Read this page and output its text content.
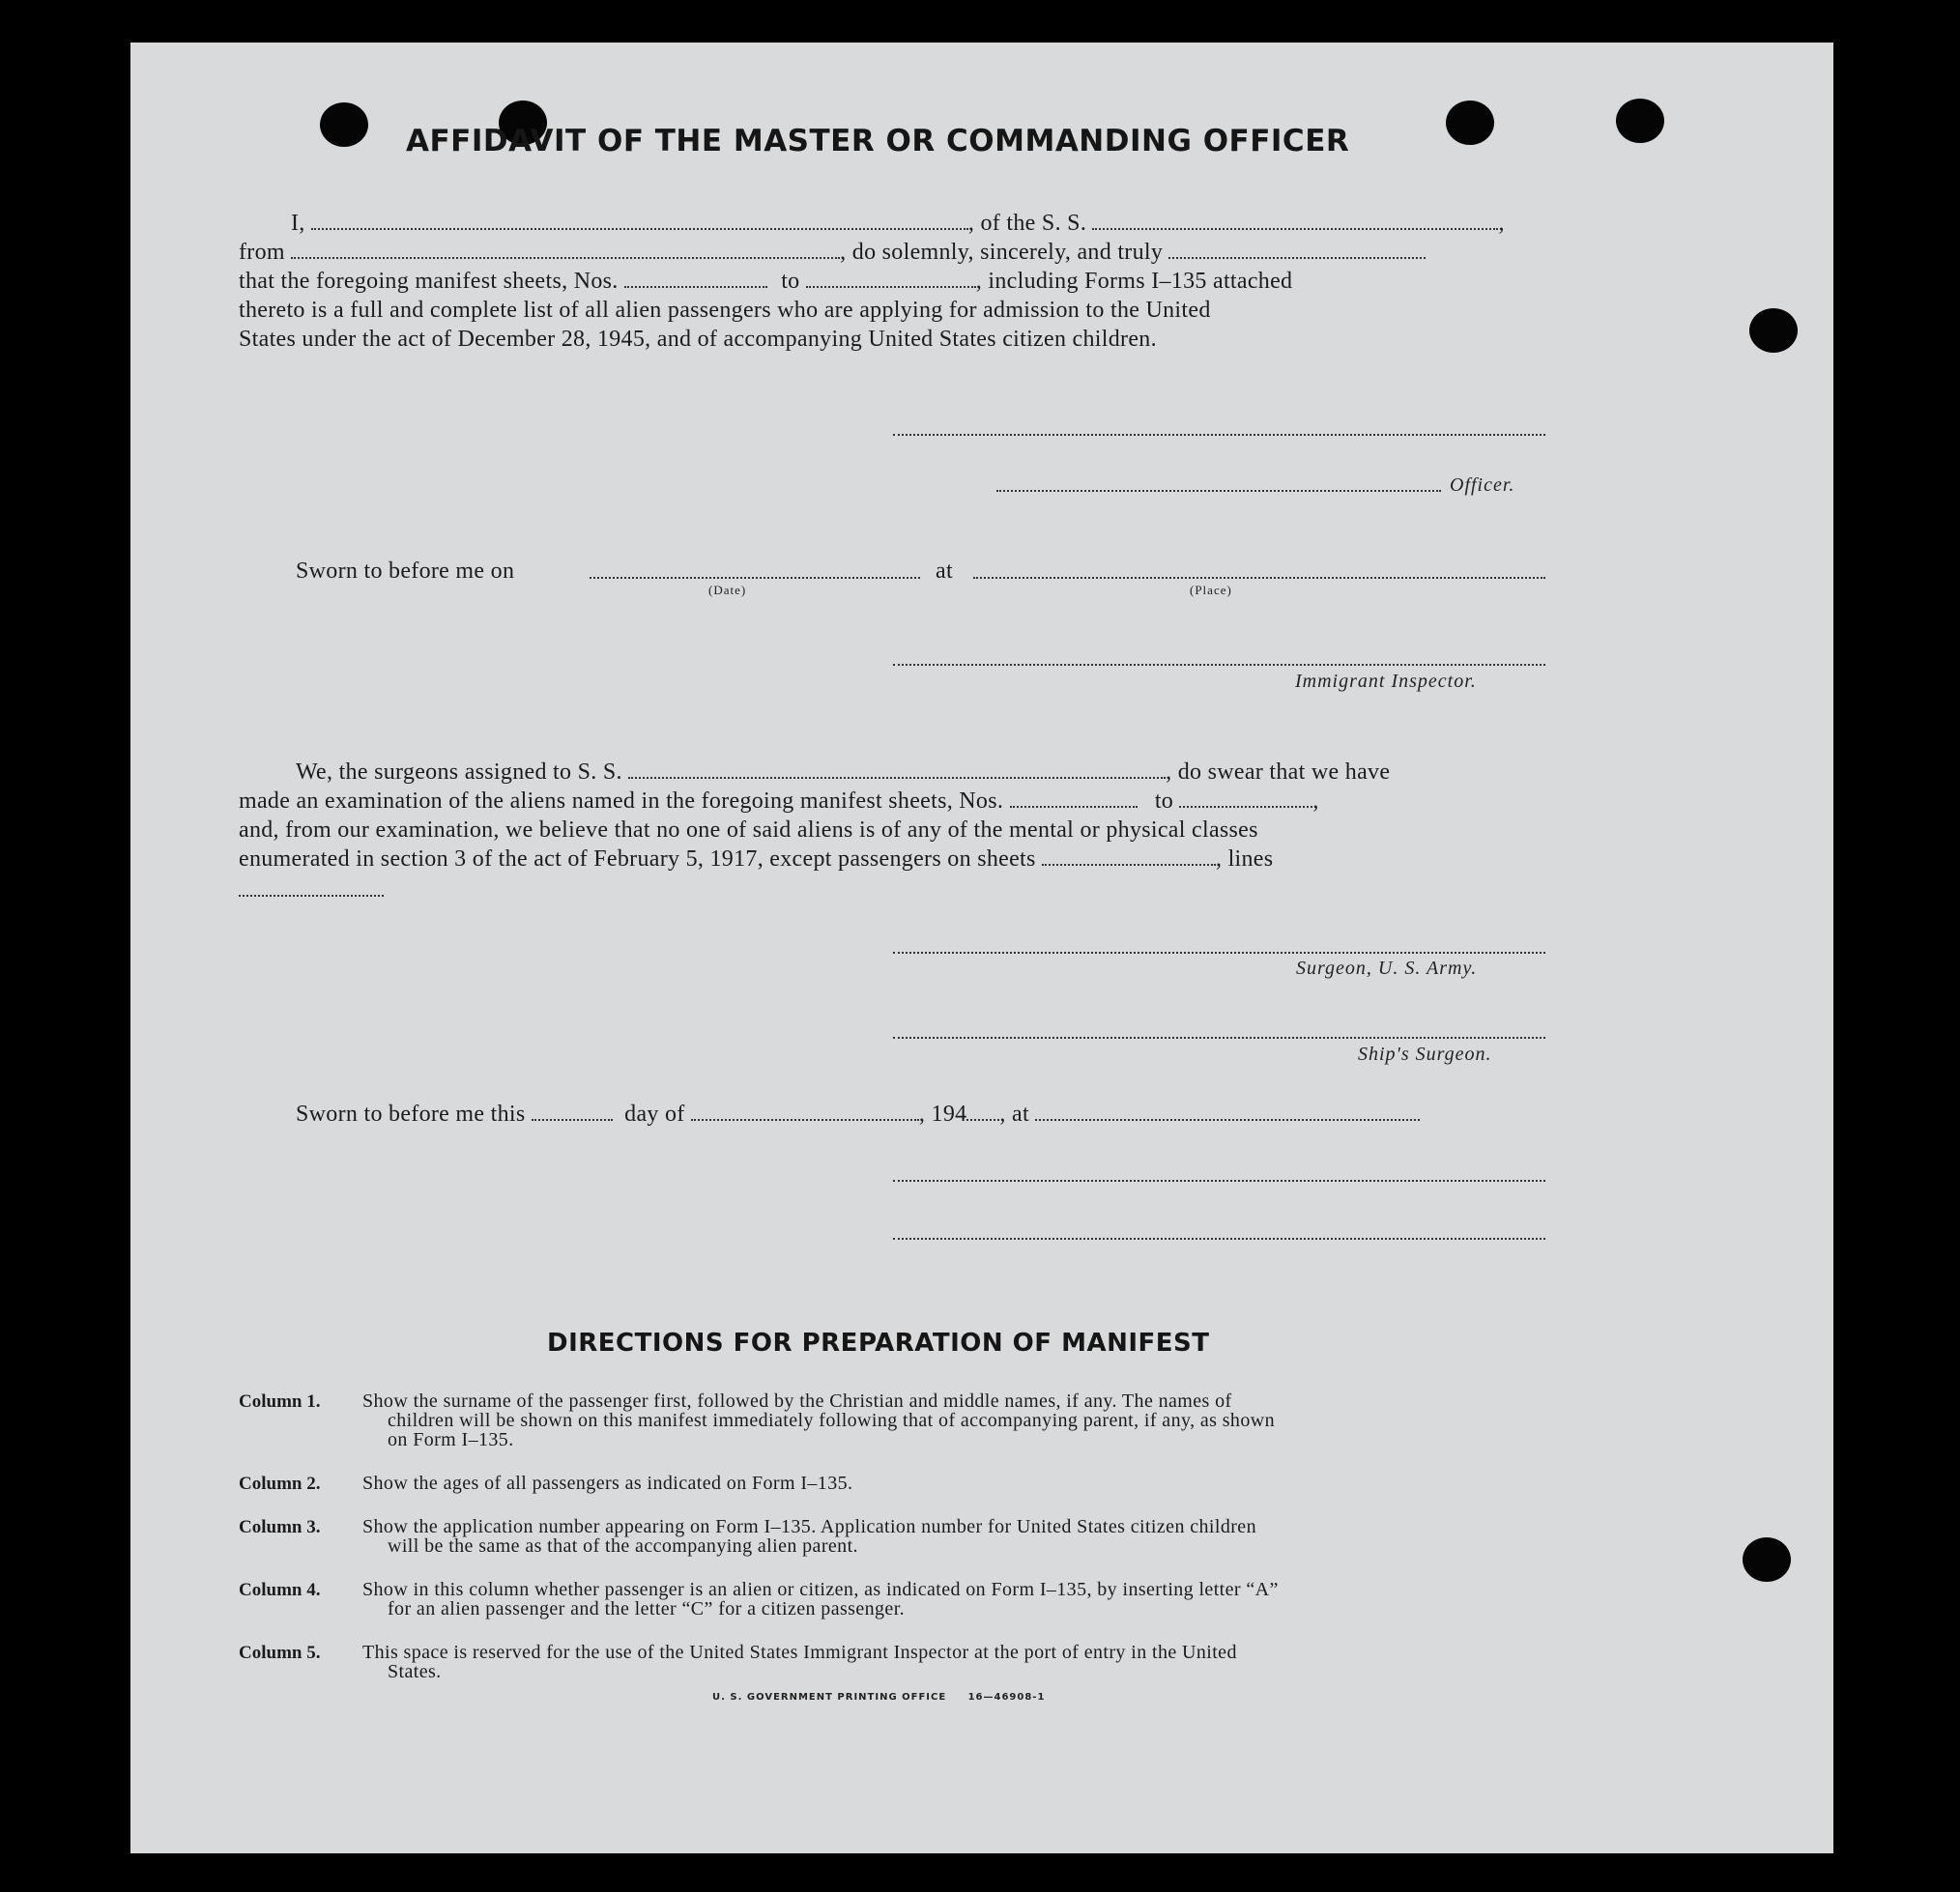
AFFIDAVIT OF THE MASTER OR COMMANDING OFFICER
I,	, of the S. S.	,
from	, do solemnly, sincerely, and truly
that the foregoing manifest sheets, Nos.	to	, including Forms I–135 attached
thereto is a full and complete list of all alien passengers who are applying for admission to the United
States under the act of December 28, 1945, and of accompanying United States citizen children.
Officer.
Sworn to before me on	at
(Date)	(Place)
Immigrant Inspector.
We, the surgeons assigned to S. S.	, do swear that we have
made an examination of the aliens named in the foregoing manifest sheets, Nos.	to	,
and, from our examination, we believe that no one of said aliens is of any of the mental or physical classes
enumerated in section 3 of the act of February 5, 1917, except passengers on sheets	, lines
Surgeon, U. S. Army.
Ship's Surgeon.
Sworn to before me this	day of	, 194 , at
DIRECTIONS FOR PREPARATION OF MANIFEST
Column 1. Show the surname of the passenger first, followed by the Christian and middle names, if any. The names of
children will be shown on this manifest immediately following that of accompanying parent, if any, as shown
on Form I–135.
Column 2. Show the ages of all passengers as indicated on Form I–135.
Column 3. Show the application number appearing on Form I–135. Application number for United States citizen children
will be the same as that of the accompanying alien parent.
Column 4. Show in this column whether passenger is an alien or citizen, as indicated on Form I–135, by inserting letter “A”
for an alien passenger and the letter “C” for a citizen passenger.
Column 5. This space is reserved for the use of the United States Immigrant Inspector at the port of entry in the United
States.
U. S. GOVERNMENT PRINTING OFFICE     16—46908-1
